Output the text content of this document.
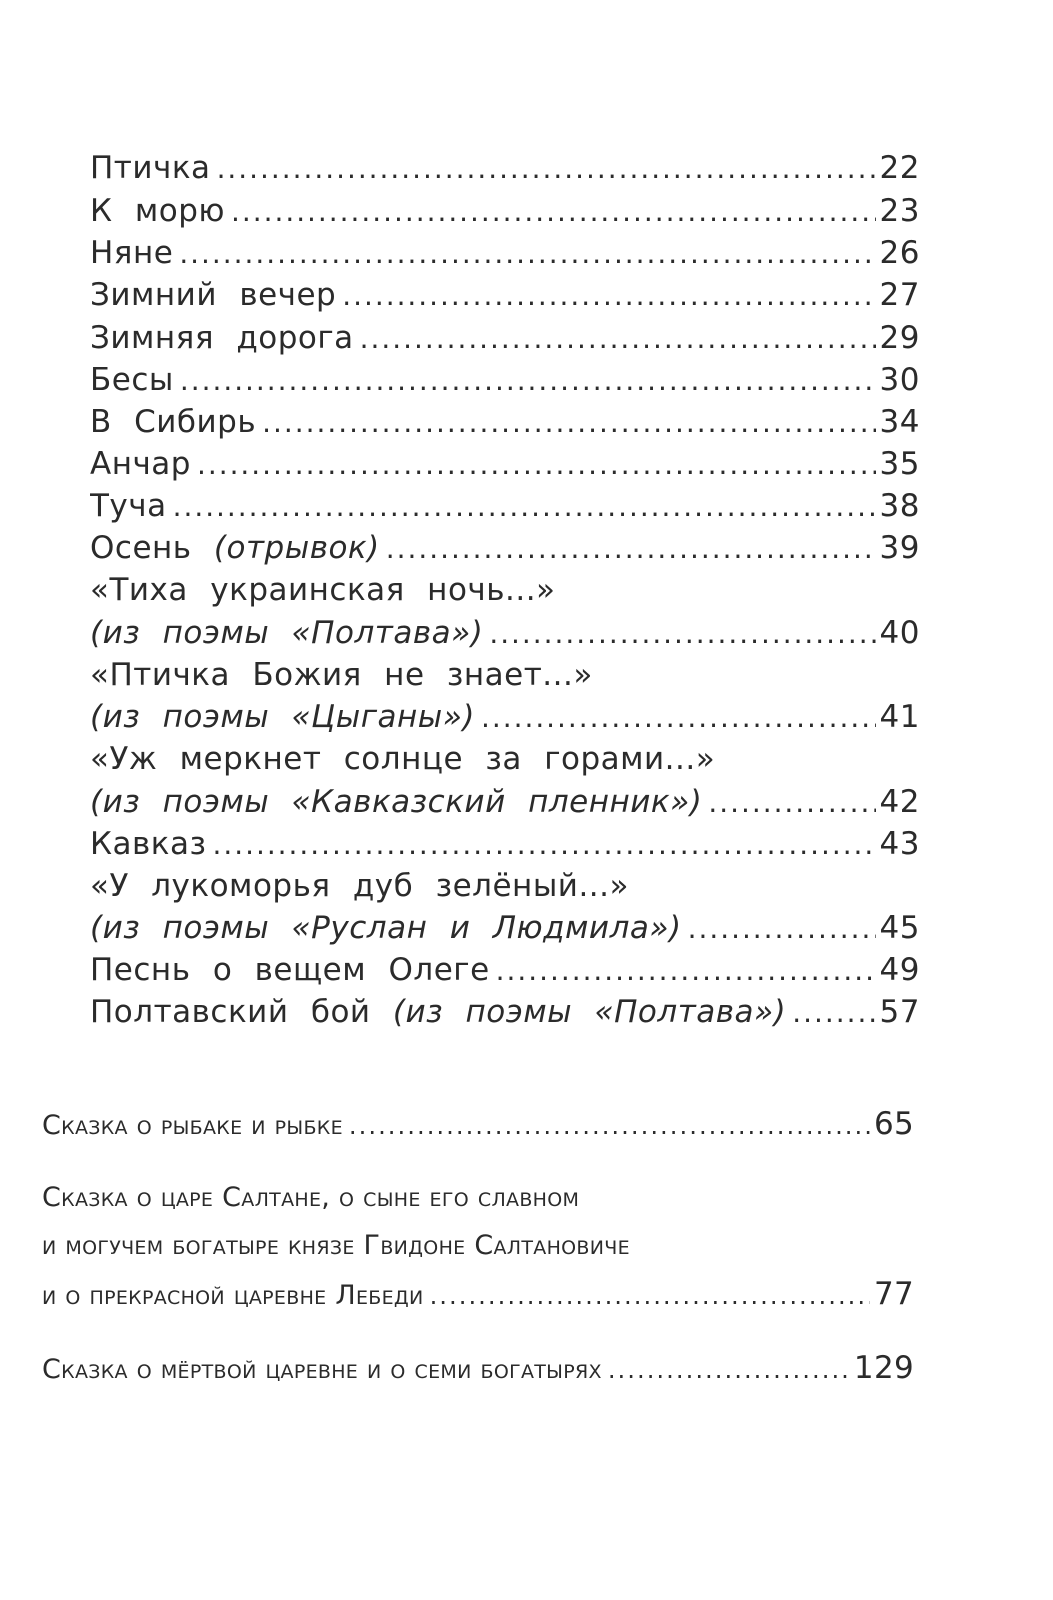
Птичка .....	22
К морю .....	23
Няне .....	26
Зимний вечер .....	27
Зимняя дорога .....	29
Бесы .....	30
В Сибирь .....	34
Анчар .....	35
Туча .....	38
Осень (отрывок) .....	39
«Тиха украинская ночь...»
(из поэмы «Полтава») .....	40
«Птичка Божия не знает...»
(из поэмы «Цыганы») .....	41
«Уж меркнет солнце за горами...»
(из поэмы «Кавказский пленник») .....	42
Кавказ .....	43
«У лукоморья дуб зелёный...»
(из поэмы «Руслан и Людмила») .....	45
Песнь о вещем Олеге .....	49
Полтавский бой (из поэмы «Полтава») .....	57
Сказка о рыбаке и рыбке .....	65
Сказка о царе Салтане, о сыне его славном
и могучем богатыре князе Гвидоне Салтановиче
и о прекрасной царевне Лебеди .....	77
Сказка о мёртвой царевне и о семи богатырях .....	129
